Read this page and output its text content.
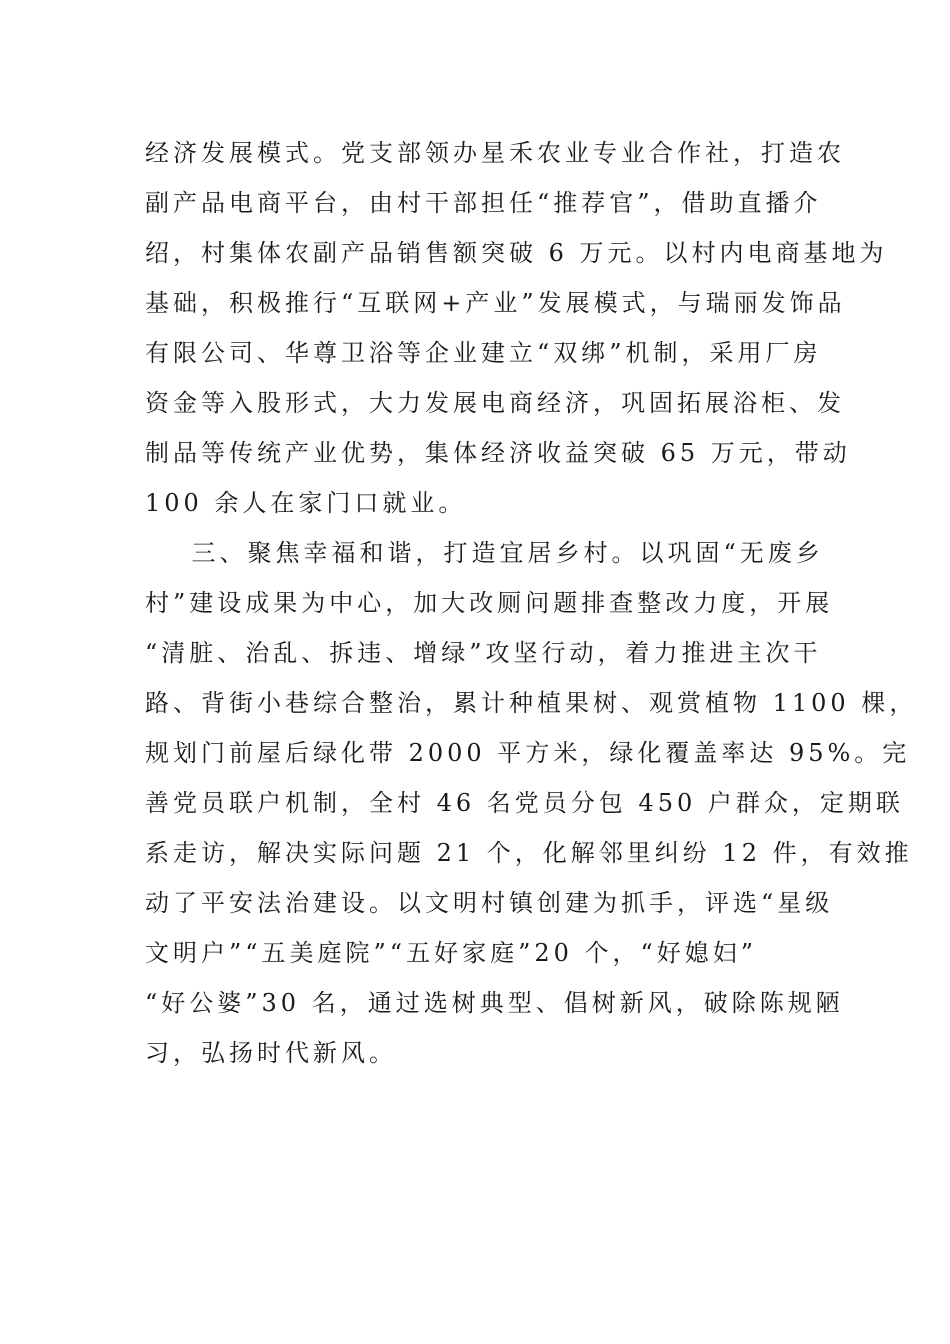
经济发展模式。党支部领办星禾农业专业合作社，打造农
副产品电商平台，由村干部担任“推荐官”，借助直播介
绍，村集体农副产品销售额突破 6 万元。以村内电商基地为
基础，积极推行“互联网+产业”发展模式，与瑞丽发饰品
有限公司、华尊卫浴等企业建立“双绑”机制，采用厂房
资金等入股形式，大力发展电商经济，巩固拓展浴柜、发
制品等传统产业优势，集体经济收益突破 65 万元，带动
100 余人在家门口就业。
三、聚焦幸福和谐，打造宜居乡村。以巩固“无废乡
村”建设成果为中心，加大改厕问题排查整改力度，开展
“清脏、治乱、拆违、增绿”攻坚行动，着力推进主次干
路、背街小巷综合整治，累计种植果树、观赏植物 1100 棵，
规划门前屋后绿化带 2000 平方米，绿化覆盖率达 95%。完
善党员联户机制，全村 46 名党员分包 450 户群众，定期联
系走访，解决实际问题 21 个，化解邻里纠纷 12 件，有效推
动了平安法治建设。以文明村镇创建为抓手，评选“星级
文明户”“五美庭院”“五好家庭”20 个，“好媳妇”
“好公婆”30 名，通过选树典型、倡树新风，破除陈规陋
习，弘扬时代新风。
